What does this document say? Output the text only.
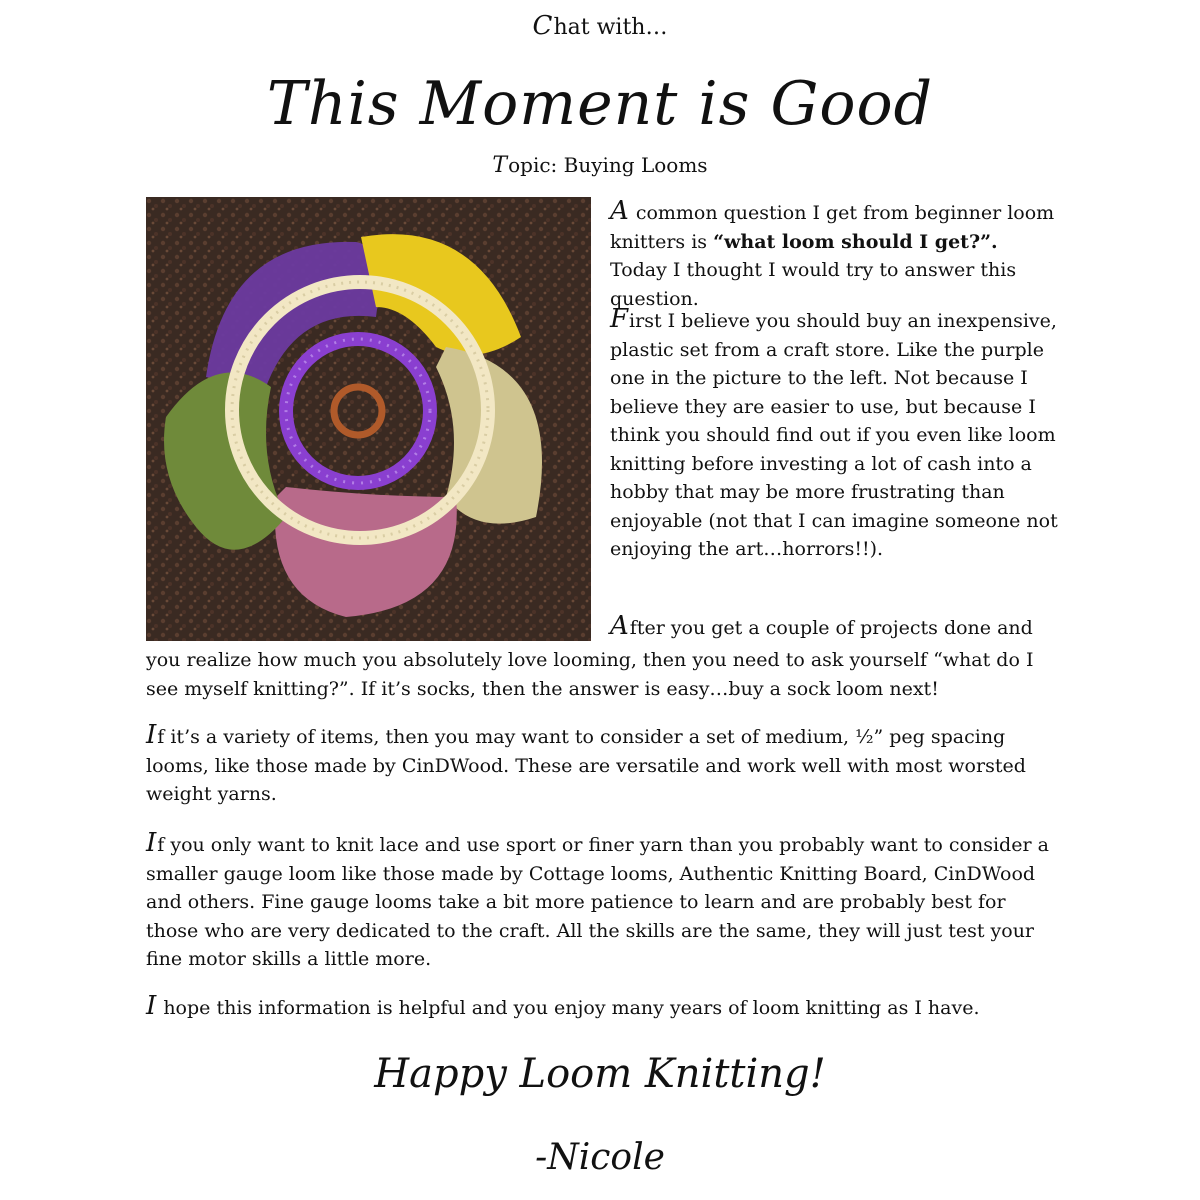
Chat with…
This Moment is Good
Topic: Buying Looms

A common question I get from beginner loom knitters is “what loom should I get?”. Today I thought I would try to answer this question.

First I believe you should buy an inexpensive, plastic set from a craft store. Like the purple one in the picture to the left. Not because I believe they are easier to use, but because I think you should find out if you even like loom knitting before investing a lot of cash into a hobby that may be more frustrating than enjoyable (not that I can imagine someone not enjoying the art…horrors!!).

After you get a couple of projects done and

you realize how much you absolutely love looming, then you need to ask yourself “what do I see myself knitting?”. If it’s socks, then the answer is easy…buy a sock loom next!

If it’s a variety of items, then you may want to consider a set of medium, ½” peg spacing looms, like those made by CinDWood. These are versatile and work well with most worsted weight yarns.

If you only want to knit lace and use sport or finer yarn than you probably want to consider a smaller gauge loom like those made by Cottage looms, Authentic Knitting Board, CinDWood and others. Fine gauge looms take a bit more patience to learn and are probably best for those who are very dedicated to the craft. All the skills are the same, they will just test your fine motor skills a little more.

I hope this information is helpful and you enjoy many years of loom knitting as I have.

Happy Loom Knitting!
-Nicole
